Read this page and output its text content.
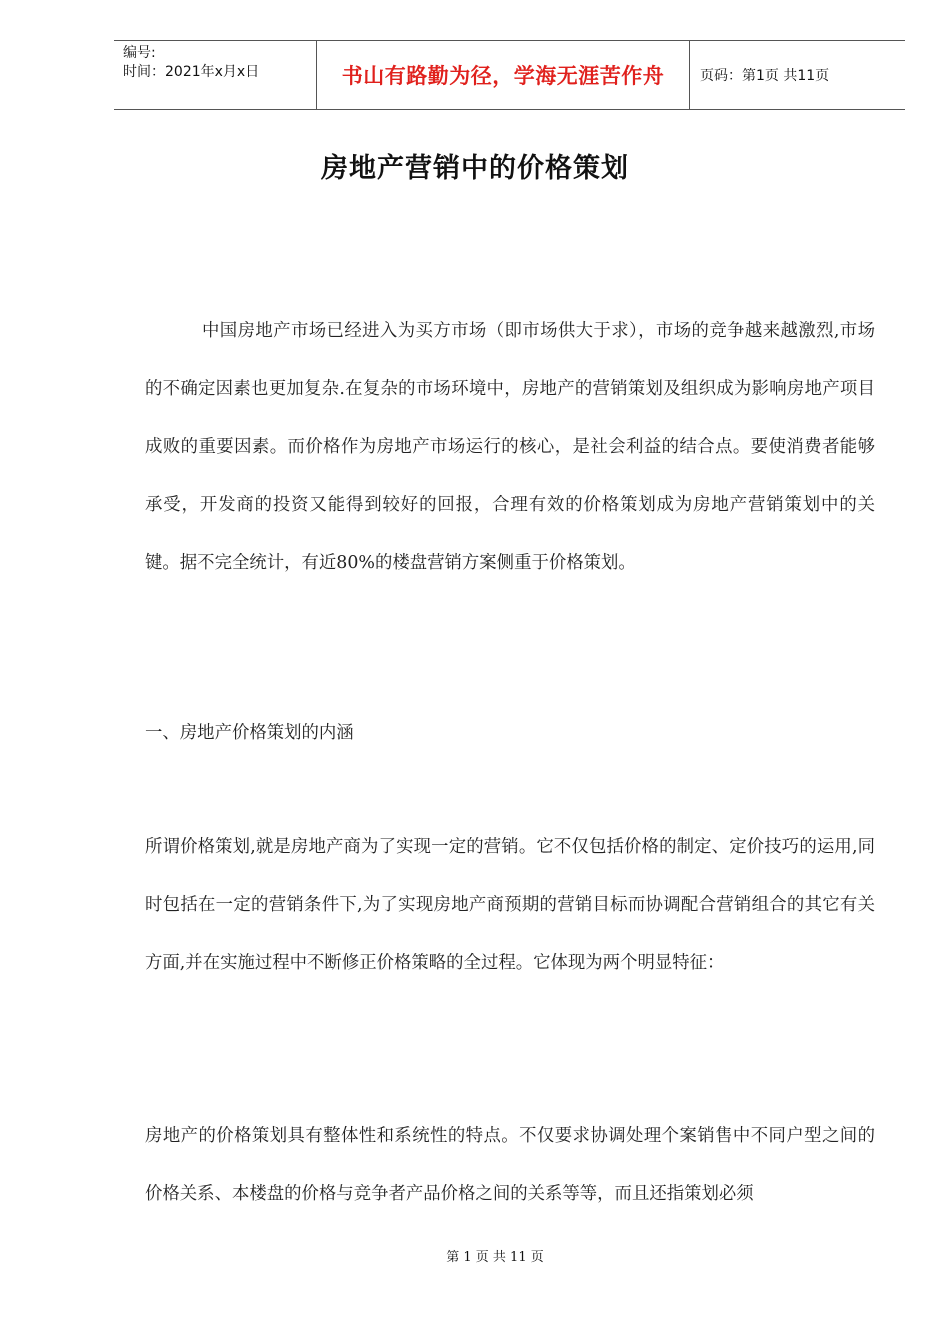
编号:
时间：2021年x月x日	书山有路勤为径，学海无涯苦作舟	页码：第1页 共11页
房地产营销中的价格策划
中国房地产市场已经进入为买方市场（即市场供大于求），市场的竞争越来越激烈,市场的不确定因素也更加复杂.在复杂的市场环境中，房地产的营销策划及组织成为影响房地产项目成败的重要因素。而价格作为房地产市场运行的核心，是社会利益的结合点。要使消费者能够承受，开发商的投资又能得到较好的回报，合理有效的价格策划成为房地产营销策划中的关键。据不完全统计，有近80%的楼盘营销方案侧重于价格策划。
一、房地产价格策划的内涵
所谓价格策划,就是房地产商为了实现一定的营销。它不仅包括价格的制定、定价技巧的运用,同时包括在一定的营销条件下,为了实现房地产商预期的营销目标而协调配合营销组合的其它有关方面,并在实施过程中不断修正价格策略的全过程。它体现为两个明显特征：
房地产的价格策划具有整体性和系统性的特点。不仅要求协调处理个案销售中不同户型之间的价格关系、本楼盘的价格与竞争者产品价格之间的关系等等，而且还指策划必须
第 1 页 共 11 页
